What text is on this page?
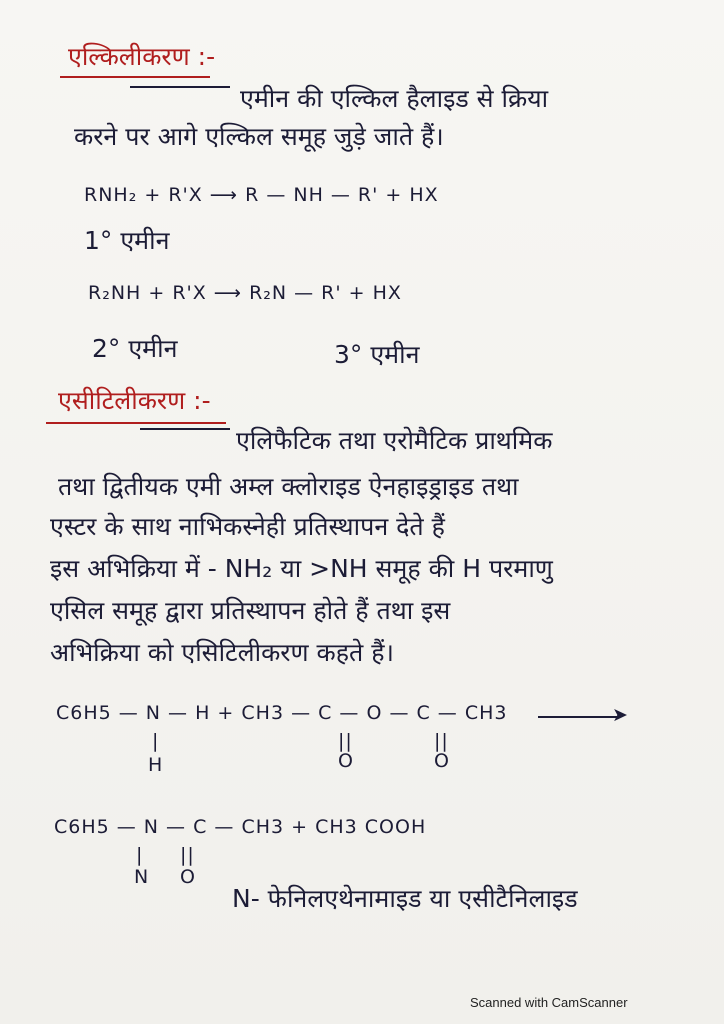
एल्किलीकरण :-
एमीन की एल्किल हैलाइड से क्रिया
करने पर आगे एल्किल समूह जुड़े जाते हैं।
RNH₂ + R'X ⟶ R — NH — R' + HX
1° एमीन
R₂NH + R'X ⟶ R₂N — R' + HX
2° एमीन	3° एमीन
एसीटिलीकरण :-
एलिफैटिक तथा एरोमैटिक प्राथमिक
तथा द्वितीयक एमी अम्ल क्लोराइड ऐनहाइड्राइड तथा
एस्टर के साथ नाभिकस्नेही प्रतिस्थापन देते हैं
इस अभिक्रिया में - NH₂ या >NH समूह की H परमाणु
एसिल समूह द्वारा प्रतिस्थापन होते हैं तथा इस
अभिक्रिया को एसिटिलीकरण कहते हैं।
C6H5 — N — H + CH3 — C — O — C — CH3	➤
|
H
||
O
||
O
C6H5 — N — C — CH3 + CH3 COOH
|
N
||
O
N- फेनिलएथेनामाइड या एसीटैनिलाइड
Scanned with CamScanner
